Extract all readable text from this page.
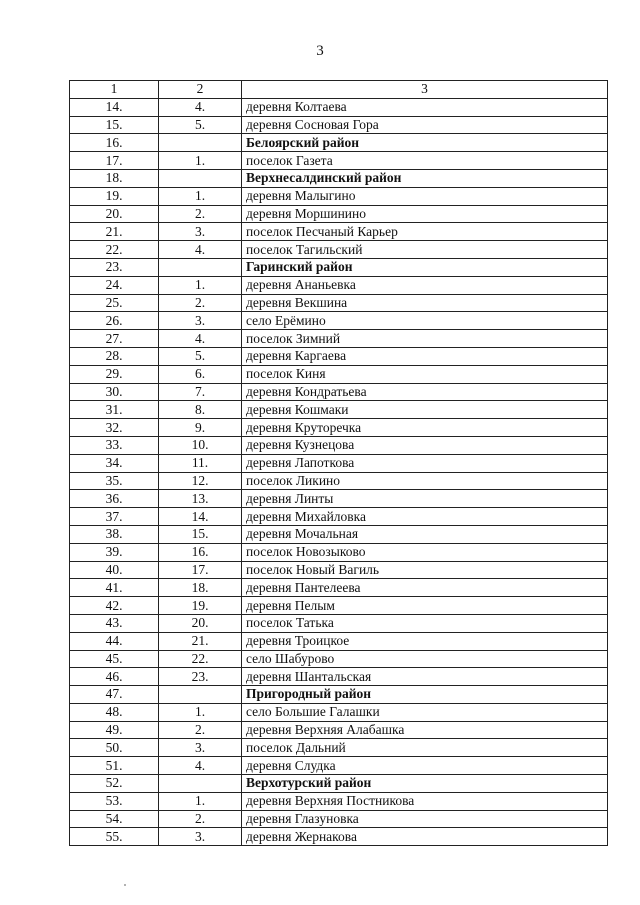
3
1	2	3
14.	4.	деревня Колтаева
15.	5.	деревня Сосновая Гора
16.		Белоярский район
17.	1.	поселок Газета
18.		Верхнесалдинский район
19.	1.	деревня Малыгино
20.	2.	деревня Моршинино
21.	3.	поселок Песчаный Карьер
22.	4.	поселок Тагильский
23.		Гаринский район
24.	1.	деревня Ананьевка
25.	2.	деревня Векшина
26.	3.	село Ерёмино
27.	4.	поселок Зимний
28.	5.	деревня Каргаева
29.	6.	поселок Киня
30.	7.	деревня Кондратьева
31.	8.	деревня Кошмаки
32.	9.	деревня Круторечка
33.	10.	деревня Кузнецова
34.	11.	деревня Лапоткова
35.	12.	поселок Ликино
36.	13.	деревня Линты
37.	14.	деревня Михайловка
38.	15.	деревня Мочальная
39.	16.	поселок Новозыково
40.	17.	поселок Новый Вагиль
41.	18.	деревня Пантелеева
42.	19.	деревня Пелым
43.	20.	поселок Татька
44.	21.	деревня Троицкое
45.	22.	село Шабурово
46.	23.	деревня Шантальская
47.		Пригородный район
48.	1.	село Большие Галашки
49.	2.	деревня Верхняя Алабашка
50.	3.	поселок Дальний
51.	4.	деревня Слудка
52.		Верхотурский район
53.	1.	деревня Верхняя Постникова
54.	2.	деревня Глазуновка
55.	3.	деревня Жернакова
